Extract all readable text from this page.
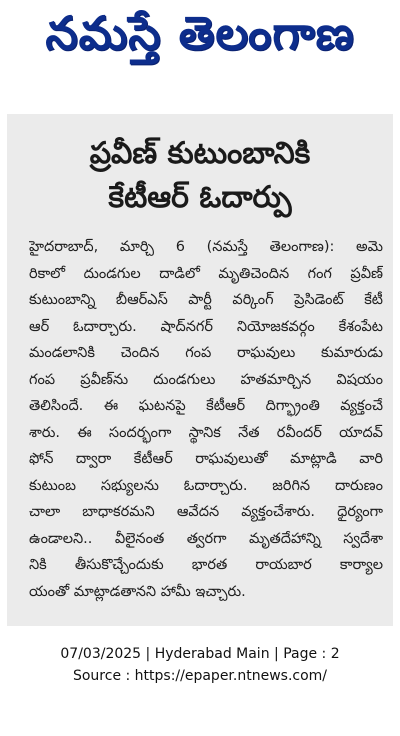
నమస్తే తెలంగాణ
ప్రవీణ్ కుటుంబానికి
కేటీఆర్ ఓదార్పు
హైదరాబాద్, మార్చి 6 (నమస్తే తెలంగాణ): అమె
రికాలో దుండగుల దాడిలో మృతిచెందిన గంగ ప్రవీణ్
కుటుంబాన్ని బీఆర్ఎస్ పార్టీ వర్కింగ్ ప్రెసిడెంట్ కేటీ
ఆర్ ఓదార్చారు. షాద్‌నగర్ నియోజకవర్గం కేశంపేట
మండలానికి చెందిన గంప రాఘవులు కుమారుడు
గంప ప్రవీణ్‌ను దుండగులు హతమార్చిన విషయం
తెలిసిందే. ఈ ఘటనపై కేటీఆర్ దిగ్భ్రాంతి వ్యక్తంచే
శారు. ఈ సందర్భంగా స్థానిక నేత రవీందర్ యాదవ్
ఫోన్ ద్వారా కేటీఆర్ రాఘవులుతో మాట్లాడి వారి
కుటుంబ సభ్యులను ఓదార్చారు. జరిగిన దారుణం
చాలా బాధాకరమని ఆవేదన వ్యక్తంచేశారు. ధైర్యంగా
ఉండాలని.. వీలైనంత త్వరగా మృతదేహాన్ని స్వదేశా
నికి తీసుకొచ్చేందుకు భారత రాయబార కార్యాల
యంతో మాట్లాడతానని హామీ ఇచ్చారు.
07/03/2025 | Hyderabad Main | Page : 2
Source : https://epaper.ntnews.com/
